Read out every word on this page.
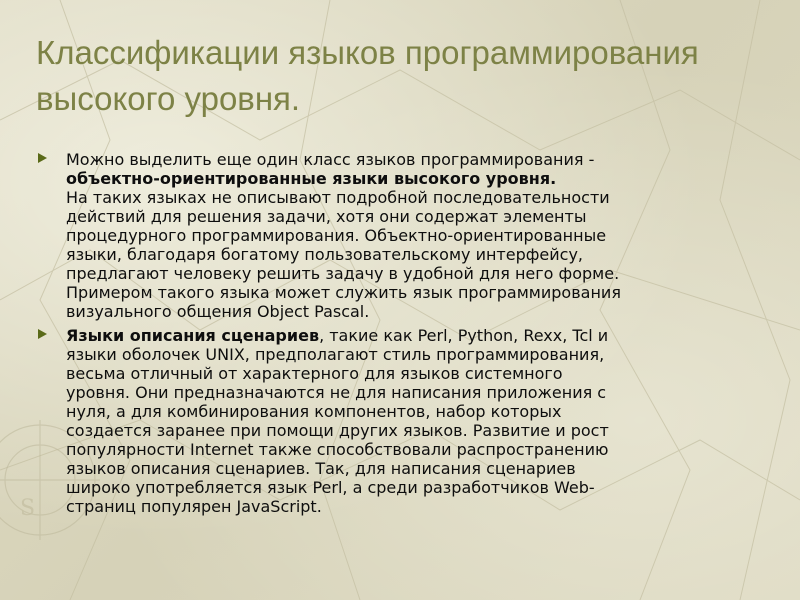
S
Классификации языков программирования
высокого уровня.
Можно выделить еще один класс языков программирования -
объектно-ориентированные языки высокого уровня.
На таких языках не описывают подробной последовательности
действий для решения задачи, хотя они содержат элементы
процедурного программирования. Объектно-ориентированные
языки, благодаря богатому пользовательскому интерфейсу,
предлагают человеку решить задачу в удобной для него форме.
Примером такого языка может служить язык программирования
визуального общения Object Pascal.
Языки описания сценариев, такие как Perl, Python, Rexx, Tcl и
языки оболочек UNIX, предполагают стиль программирования,
весьма отличный от характерного для языков системного
уровня. Они предназначаются не для написания приложения с
нуля, а для комбинирования компонентов, набор которых
создается заранее при помощи других языков. Развитие и рост
популярности Internet также способствовали распространению
языков описания сценариев. Так, для написания сценариев
широко употребляется язык Perl, а среди разработчиков Web-
страниц популярен JavaScript.
